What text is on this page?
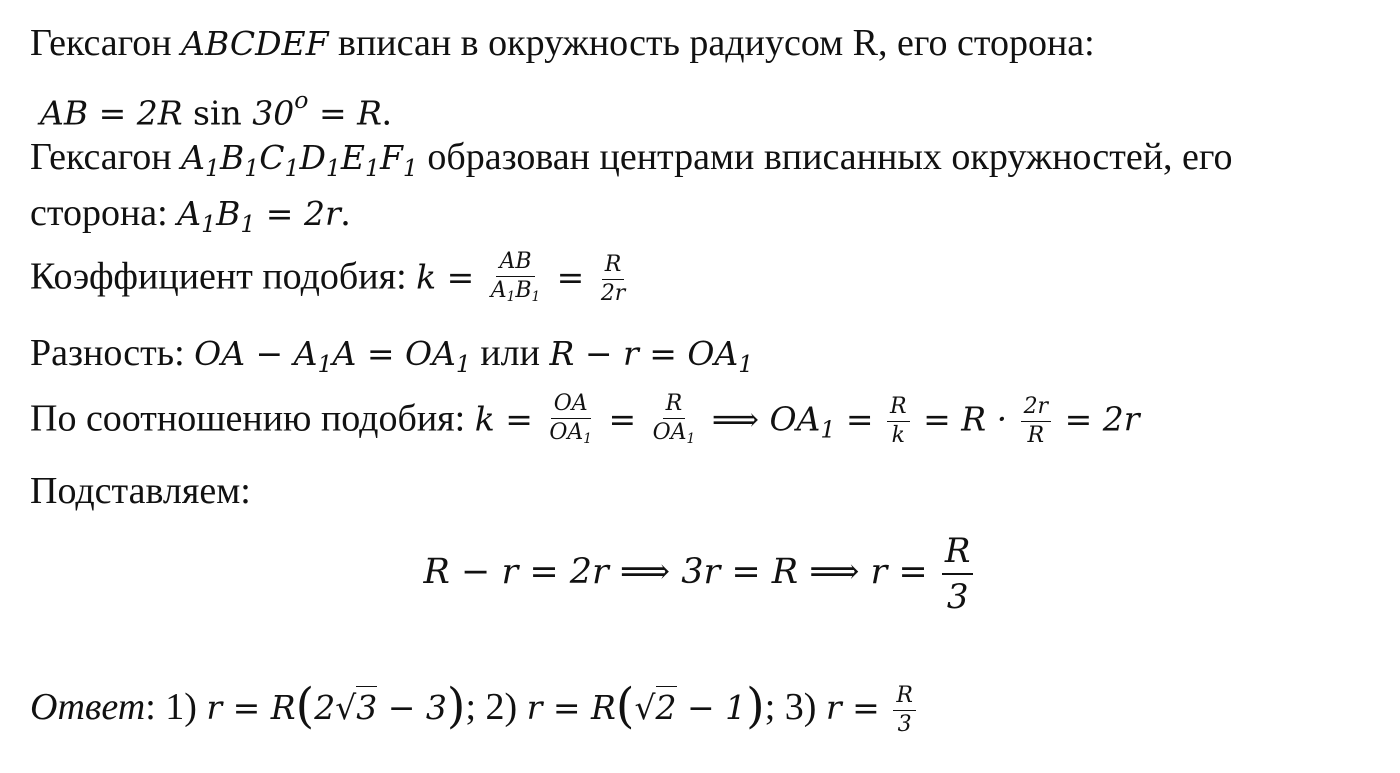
Гексагон ABCDEF вписан в окружность радиусом R, его сторона:
AB = 2R $\sin 30^o = R$.
Гексагон $A_1B_1C_1D_1E_1F_1$ образован центрами вписанных окружностей, его
сторона: $A_1B_1 = 2r$.
Коэффициент подобия: $k = \frac{AB}{A_1B_1} = \frac{R}{2r}$
Разность: OA − $A_1A = OA_1$ или $R - r = OA_1$
По соотношению подобия: $k = \frac{OA}{OA_1} = \frac{R}{OA_1}$ ⟹ $OA_1 = \frac{R}{k} = R \cdot \frac{2r}{R} = 2r$
Подставляем:
R − r = 2r ⟹ 3r = R ⟹ $r = \frac{R}{3}$
Ответ: 1) r = R(2√3 − 3); 2) r = R(√2 − 1); 3) $r = \frac{R}{3}$
